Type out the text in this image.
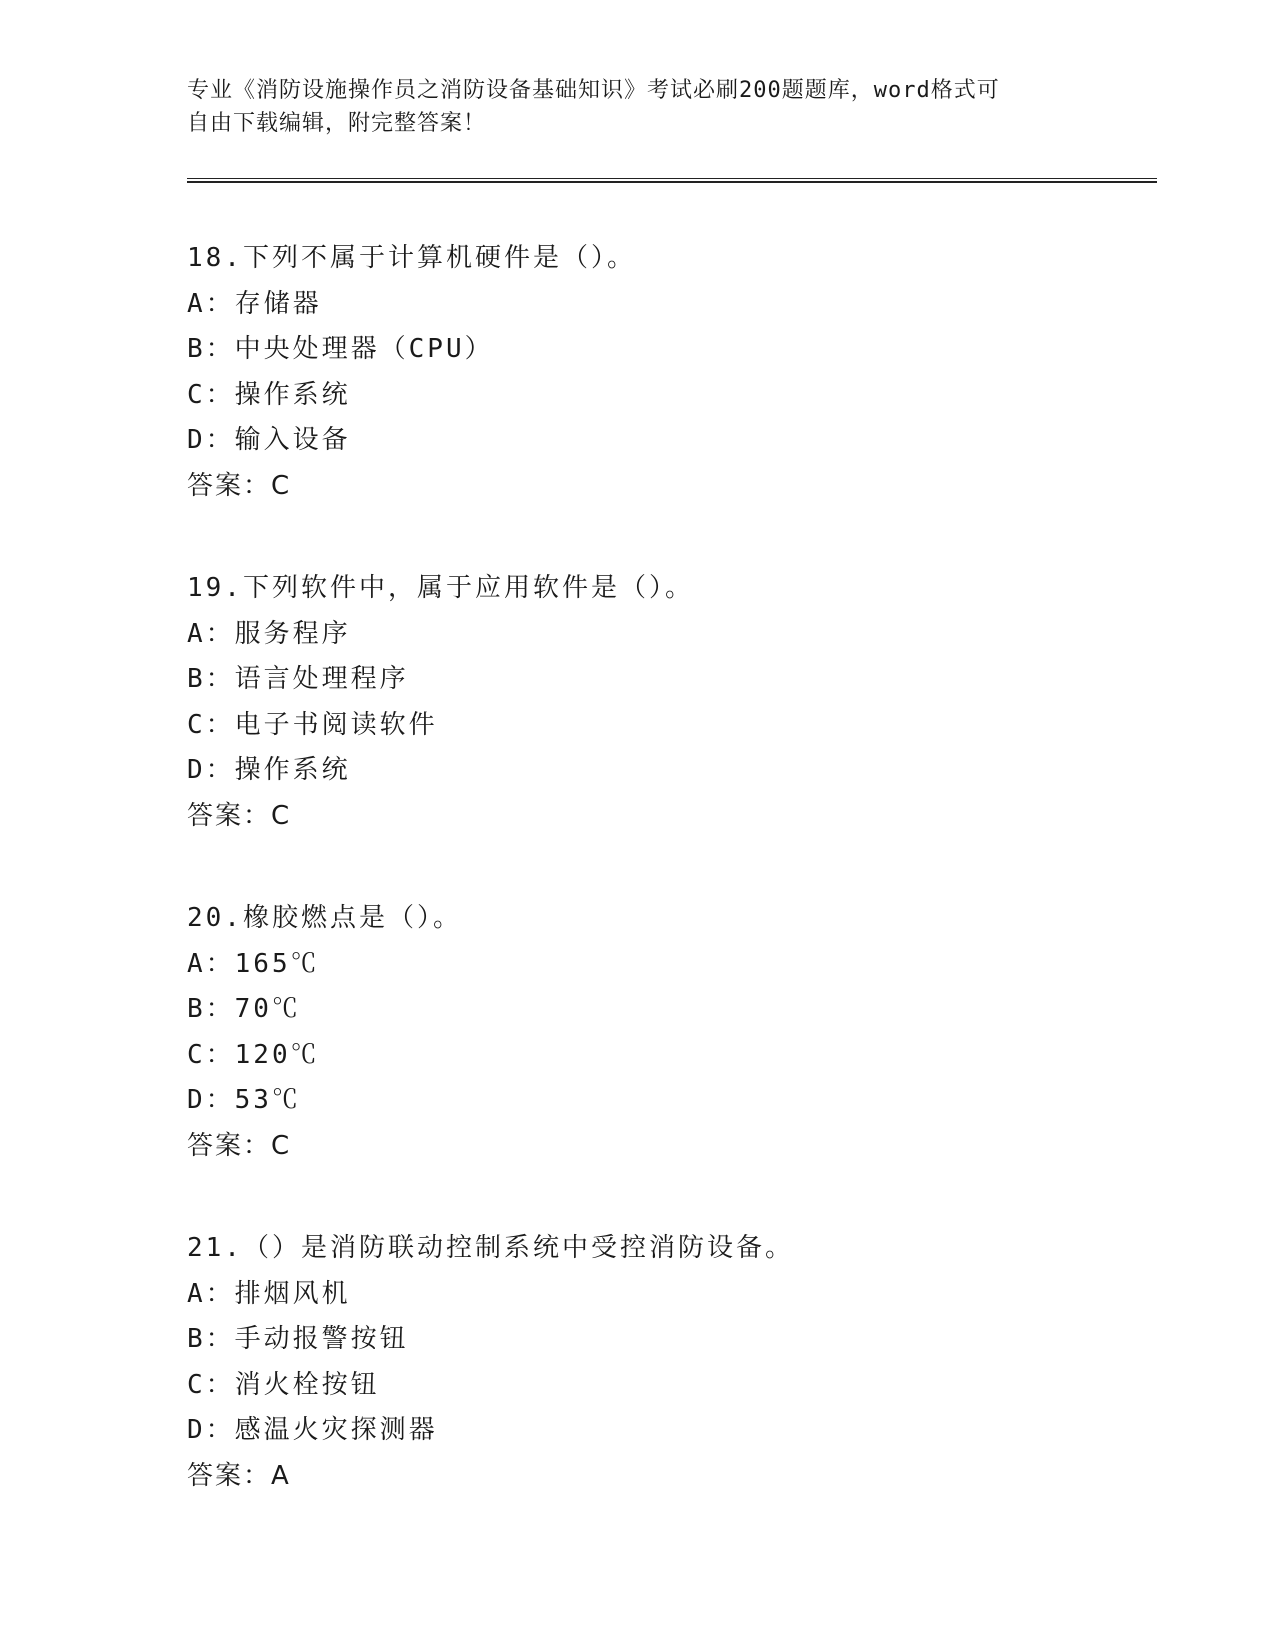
专业《消防设施操作员之消防设备基础知识》考试必刷200题题库，word格式可
自由下载编辑，附完整答案！
18.下列不属于计算机硬件是（）。
A：存储器
B：中央处理器（CPU）
C：操作系统
D：输入设备
答案：C
19.下列软件中，属于应用软件是（）。
A：服务程序
B：语言处理程序
C：电子书阅读软件
D：操作系统
答案：C
20.橡胶燃点是（）。
A：165℃
B：70℃
C：120℃
D：53℃
答案：C
21.（）是消防联动控制系统中受控消防设备。
A：排烟风机
B：手动报警按钮
C：消火栓按钮
D：感温火灾探测器
答案：A
